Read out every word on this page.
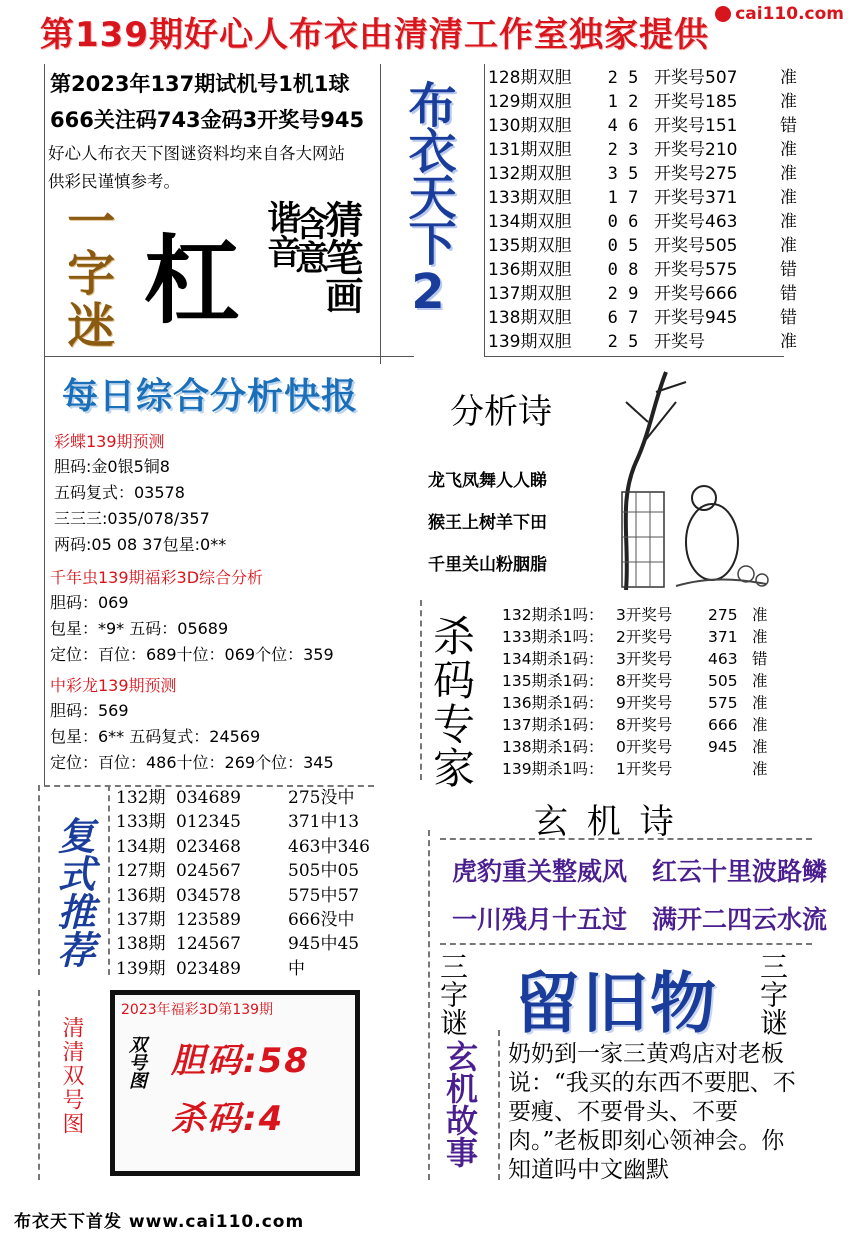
第139期好心人布衣由清清工作室独家提供
cai110.com
第2023年137期试机号1机1球
666关注码743金码3开奖号945
好心人布衣天下图谜资料均来自各大网站
供彩民谨慎参考。
一字迷 杠 猜笔画
含意
谐音 布衣天下2
128期双胆 2 5 开奖号507	准
129期双胆 1 2 开奖号185	准
130期双胆 4 6 开奖号151	错
131期双胆 2 3 开奖号210	准
132期双胆 3 5 开奖号275	准
133期双胆 1 7 开奖号371	准
134期双胆 0 6 开奖号463	准
135期双胆 0 5 开奖号505	准
136期双胆 0 8 开奖号575	错
137期双胆 2 9 开奖号666	错
138期双胆 6 7 开奖号945	错
139期双胆 2 5 开奖号	准
每日综合分析快报
彩蝶139期预测
胆码:金0银5铜8
五码复式：03578
三三三:035/078/357
两码:05 08 37包星:0**
千年虫139期福彩3D综合分析
胆码：069
包星：*9* 五码：05689
定位：百位：689十位：069个位：359
中彩龙139期预测
胆码：569
包星：6** 五码复式：24569
定位：百位：486十位：269个位：345
分析诗
龙飞凤舞人人睇
猴王上树羊下田
千里关山粉胭脂
杀码专家 132期杀1吗： 3开奖号 275 准
133期杀1吗： 2开奖号 371 准
134期杀1码： 3开奖号 463 错
135期杀1码： 8开奖号 505 准
136期杀1码： 9开奖号 575 准
137期杀1码： 8开奖号 666 准
138期杀1码： 0开奖号 945 准
139期杀1吗： 1开奖号	准
复式推荐
132期 034689	275没中
133期 012345	371中13
134期 023468	463中346
127期 024567	505中05
136期 034578	575中57
137期 123589	666没中
138期 124567	945中45
139期 023489	中
玄 机 诗
虎豹重关整威风　红云十里波路鳞
一川残月十五过　满开二四云水流
三字谜 留旧物 三字谜
玄机故事 奶奶到一家三黄鸡店对老板说：“我买的东西不要肥、不要瘦、不要骨头、不要肉。”老板即刻心领神会。你知道吗中文幽默
清清双号图
2023年福彩3D第139期
双号图 胆码:58
杀码:4
布衣天下首发 www.cai110.com
